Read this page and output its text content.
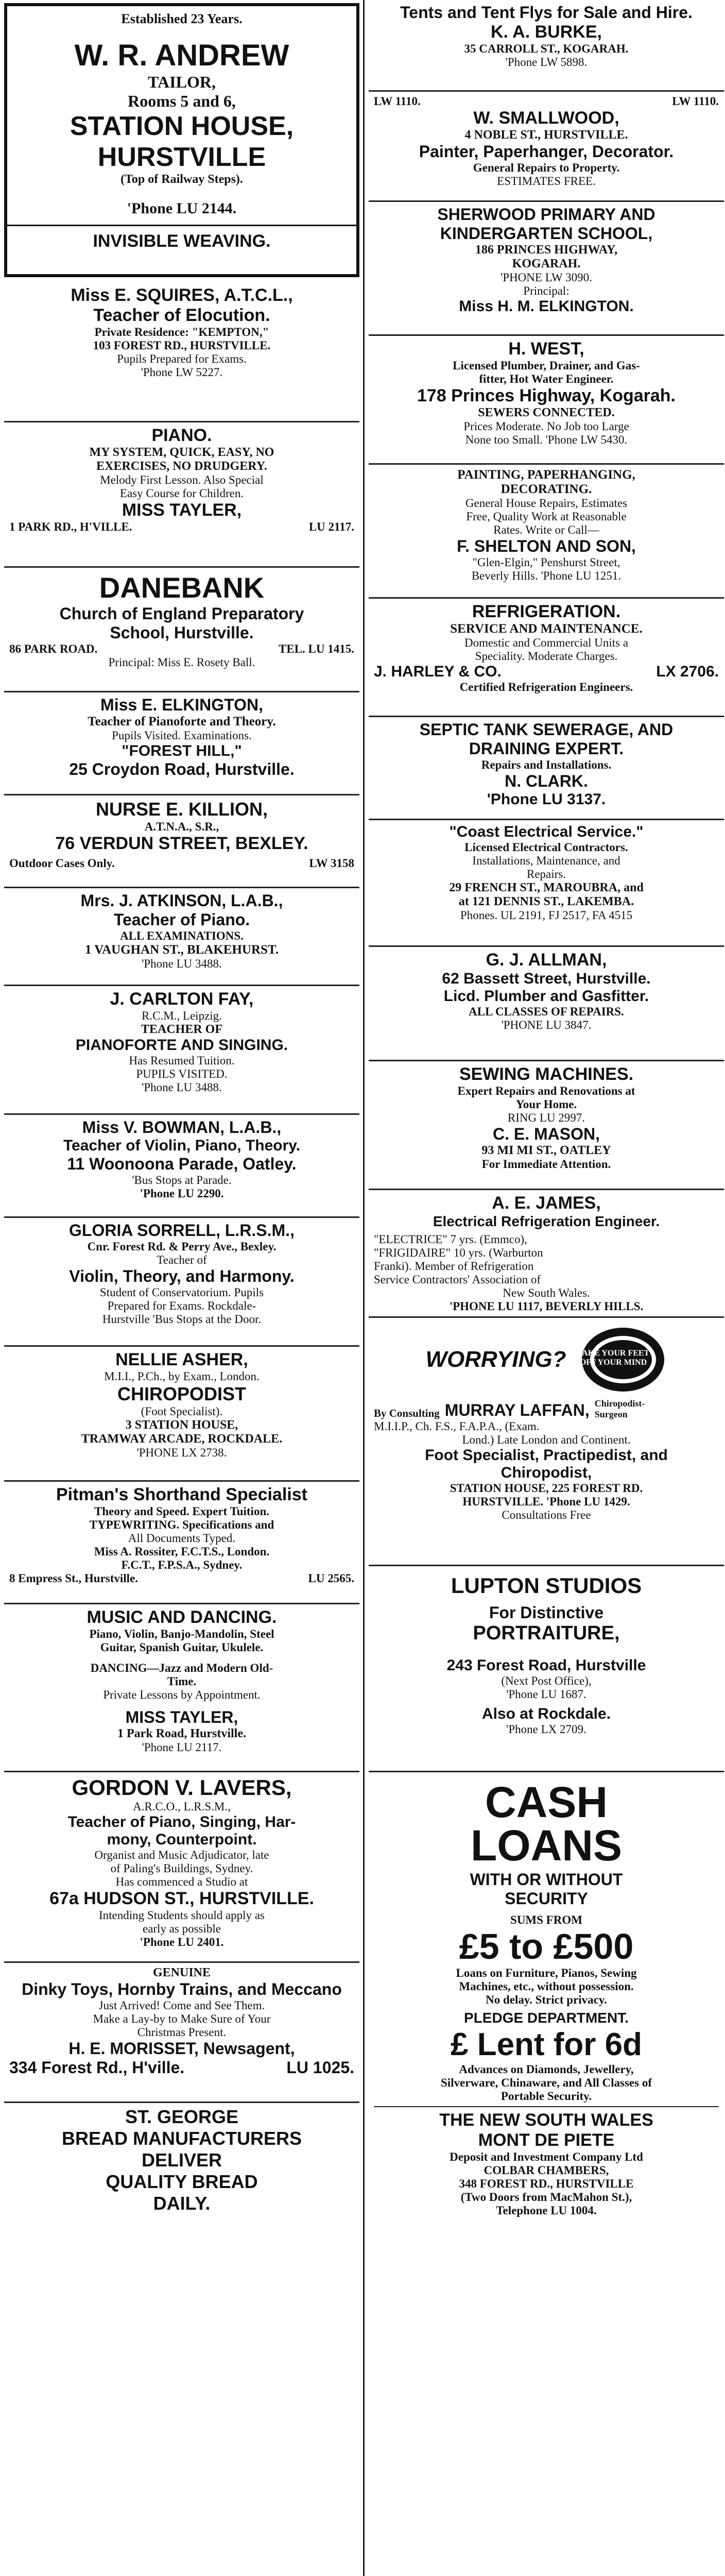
Established 23 Years.

W. R. ANDREW

TAILOR,

Rooms 5 and 6,

STATION HOUSE,

HURSTVILLE

(Top of Railway Steps).

'Phone LU 2144.

INVISIBLE WEAVING.

Miss E. SQUIRES, A.T.C.L.,

Teacher of Elocution.

Private Residence: "KEMPTON,"

103 FOREST RD., HURSTVILLE.

Pupils Prepared for Exams.

'Phone LW 5227.

PIANO.

MY SYSTEM, QUICK, EASY, NO

EXERCISES, NO DRUDGERY.

Melody First Lesson. Also Special

Easy Course for Children.

MISS TAYLER,

1 PARK RD., H'VILLE.	LU 2117.

DANEBANK

Church of England Preparatory

School, Hurstville.

86 PARK ROAD.	TEL. LU 1415.

Principal: Miss E. Rosety Ball.

Miss E. ELKINGTON,

Teacher of Pianoforte and Theory.

Pupils Visited. Examinations.

"FOREST HILL,"

25 Croydon Road, Hurstville.

NURSE E. KILLION,

A.T.N.A., S.R.,

76 VERDUN STREET, BEXLEY.

Outdoor Cases Only.	LW 3158

Mrs. J. ATKINSON, L.A.B.,

Teacher of Piano.

ALL EXAMINATIONS.

1 VAUGHAN ST., BLAKEHURST.

'Phone LU 3488.

J. CARLTON FAY,

R.C.M., Leipzig.

TEACHER OF

PIANOFORTE AND SINGING.

Has Resumed Tuition.

PUPILS VISITED.

'Phone LU 3488.

Miss V. BOWMAN, L.A.B.,

Teacher of Violin, Piano, Theory.

11 Woonoona Parade, Oatley.

'Bus Stops at Parade.

'Phone LU 2290.

GLORIA SORRELL, L.R.S.M.,

Cnr. Forest Rd. & Perry Ave., Bexley.

Teacher of

Violin, Theory, and Harmony.

Student of Conservatorium. Pupils

Prepared for Exams. Rockdale-

Hurstville 'Bus Stops at the Door.

NELLIE ASHER,

M.I.I., P.Ch., by Exam., London.

CHIROPODIST

(Foot Specialist).

3 STATION HOUSE,

TRAMWAY ARCADE, ROCKDALE.

'PHONE LX 2738.

Pitman's Shorthand Specialist

Theory and Speed. Expert Tuition.

TYPEWRITING. Specifications and

All Documents Typed.

Miss A. Rossiter, F.C.T.S., London.

F.C.T., F.P.S.A., Sydney.

8 Empress St., Hurstville.	LU 2565.

MUSIC AND DANCING.

Piano, Violin, Banjo-Mandolin, Steel

Guitar, Spanish Guitar, Ukulele.

DANCING—Jazz and Modern Old-

Time.

Private Lessons by Appointment.

MISS TAYLER,

1 Park Road, Hurstville.

'Phone LU 2117.

GORDON V. LAVERS,

A.R.C.O., L.R.S.M.,

Teacher of Piano, Singing, Har-

mony, Counterpoint.

Organist and Music Adjudicator, late

of Paling's Buildings, Sydney.

Has commenced a Studio at

67a HUDSON ST., HURSTVILLE.

Intending Students should apply as

early as possible

'Phone LU 2401.

GENUINE

Dinky Toys, Hornby Trains, and Meccano

Just Arrived! Come and See Them.

Make a Lay-by to Make Sure of Your

Christmas Present.

H. E. MORISSET, Newsagent,

334 Forest Rd., H'ville.	LU 1025.

ST. GEORGE

BREAD MANUFACTURERS

DELIVER

QUALITY BREAD

DAILY.

Tents and Tent Flys for Sale and Hire.

K. A. BURKE,

35 CARROLL ST., KOGARAH.

'Phone LW 5898.

LW 1110.	LW 1110.

W. SMALLWOOD,

4 NOBLE ST., HURSTVILLE.

Painter, Paperhanger, Decorator.

General Repairs to Property.

ESTIMATES FREE.

SHERWOOD PRIMARY AND

KINDERGARTEN SCHOOL,

186 PRINCES HIGHWAY,

KOGARAH.

'PHONE LW 3090.

Principal:

Miss H. M. ELKINGTON.

H. WEST,

Licensed Plumber, Drainer, and Gas-

fitter, Hot Water Engineer.

178 Princes Highway, Kogarah.

SEWERS CONNECTED.

Prices Moderate. No Job too Large

None too Small. 'Phone LW 5430.

PAINTING, PAPERHANGING,

DECORATING.

General House Repairs, Estimates

Free, Quality Work at Reasonable

Rates. Write or Call—

F. SHELTON AND SON,

"Glen-Elgin," Penshurst Street,

Beverly Hills. 'Phone LU 1251.

REFRIGERATION.

SERVICE AND MAINTENANCE.

Domestic and Commercial Units a

Speciality. Moderate Charges.

J. HARLEY & CO.	LX 2706.

Certified Refrigeration Engineers.

SEPTIC TANK SEWERAGE, AND

DRAINING EXPERT.

Repairs and Installations.

N. CLARK.

'Phone LU 3137.

"Coast Electrical Service."

Licensed Electrical Contractors.

Installations, Maintenance, and

Repairs.

29 FRENCH ST., MAROUBRA, and

at 121 DENNIS ST., LAKEMBA.

Phones. UL 2191, FJ 2517, FA 4515

G. J. ALLMAN,

62 Bassett Street, Hurstville.

Licd. Plumber and Gasfitter.

ALL CLASSES OF REPAIRS.

'PHONE LU 3847.

SEWING MACHINES.

Expert Repairs and Renovations at

Your Home.

RING LU 2997.

C. E. MASON,

93 MI MI ST., OATLEY

For Immediate Attention.

A. E. JAMES,

Electrical Refrigeration Engineer.

"ELECTRICE" 7 yrs. (Emmco),

"FRIGIDAIRE" 10 yrs. (Warburton

Franki). Member of Refrigeration

Service Contractors' Association of

New South Wales.

'PHONE LU 1117, BEVERLY HILLS.

WORRYING?	TAKE YOUR FEET OFF YOUR MIND

By Consulting MURRAY LAFFAN, Chiropodist-Surgeon

M.I.I.P., Ch. F.S., F.A.P.A., (Exam.

Lond.) Late London and Continent.

Foot Specialist, Practipedist, and

Chiropodist,

STATION HOUSE, 225 FOREST RD.

HURSTVILLE. 'Phone LU 1429.

Consultations Free

LUPTON STUDIOS

For Distinctive

PORTRAITURE,

243 Forest Road, Hurstville

(Next Post Office),

'Phone LU 1687.

Also at Rockdale.

'Phone LX 2709.

CASH

LOANS

WITH OR WITHOUT

SECURITY

SUMS FROM

£5 to £500

Loans on Furniture, Pianos, Sewing

Machines, etc., without possession.

No delay. Strict privacy.

PLEDGE DEPARTMENT.

£ Lent for 6d

Advances on Diamonds, Jewellery,

Silverware, Chinaware, and All Classes of

Portable Security.

THE NEW SOUTH WALES

MONT DE PIETE

Deposit and Investment Company Ltd

COLBAR CHAMBERS,

348 FOREST RD., HURSTVILLE

(Two Doors from MacMahon St.),

Telephone LU 1004.
